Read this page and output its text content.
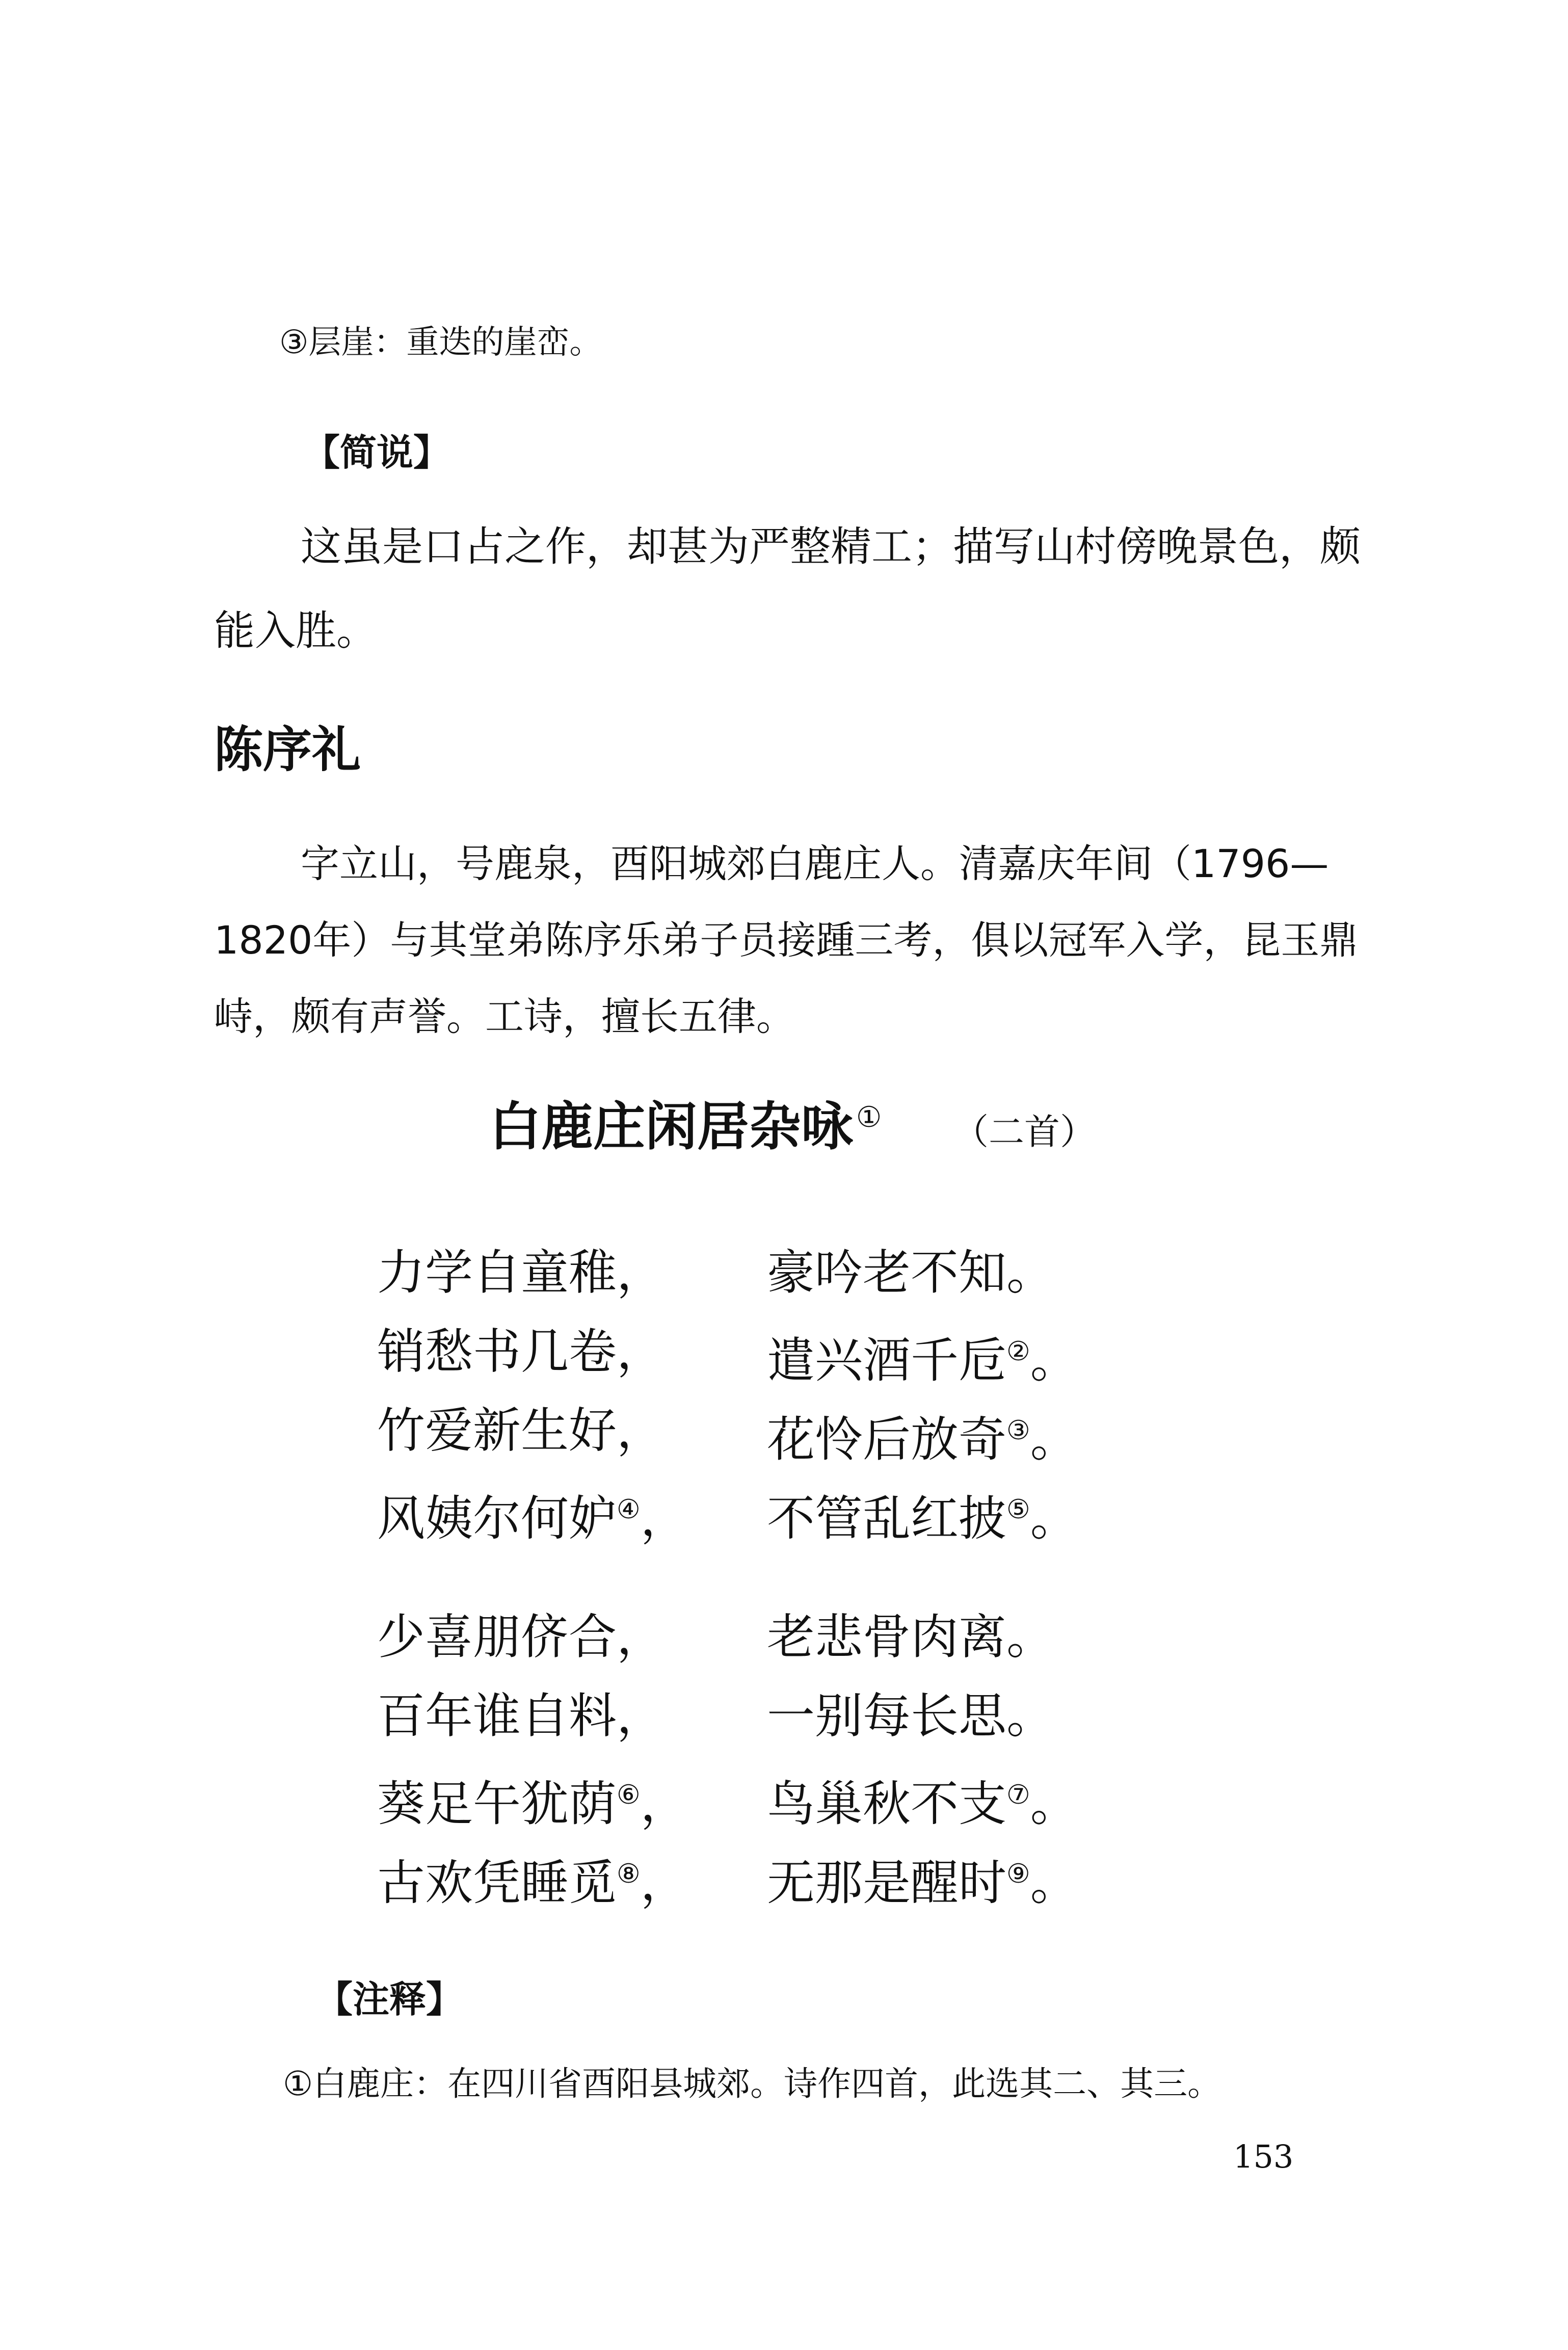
③层崖：重迭的崖峦。
【简说】
这虽是口占之作，却甚为严整精工；描写山村傍晚景色，颇能入胜。
陈序礼
字立山，号鹿泉，酉阳城郊白鹿庄人。清嘉庆年间（1796—1820年）与其堂弟陈序乐弟子员接踵三考，俱以冠军入学，昆玉鼎峙，颇有声誉。工诗，擅长五律。
白鹿庄闲居杂咏 ① （二首）
力学自童稚， 豪吟老不知。
销愁书几卷， 遣兴酒千卮②。
竹爱新生好， 花怜后放奇③。
风姨尔何妒④， 不管乱红披⑤。
少喜朋侪合， 老悲骨肉离。
百年谁自料， 一别每长思。
葵足午犹荫⑥， 鸟巢秋不支⑦。
古欢凭睡觅⑧， 无那是醒时⑨。
【注释】
①白鹿庄：在四川省酉阳县城郊。诗作四首，此选其二、其三。
153
